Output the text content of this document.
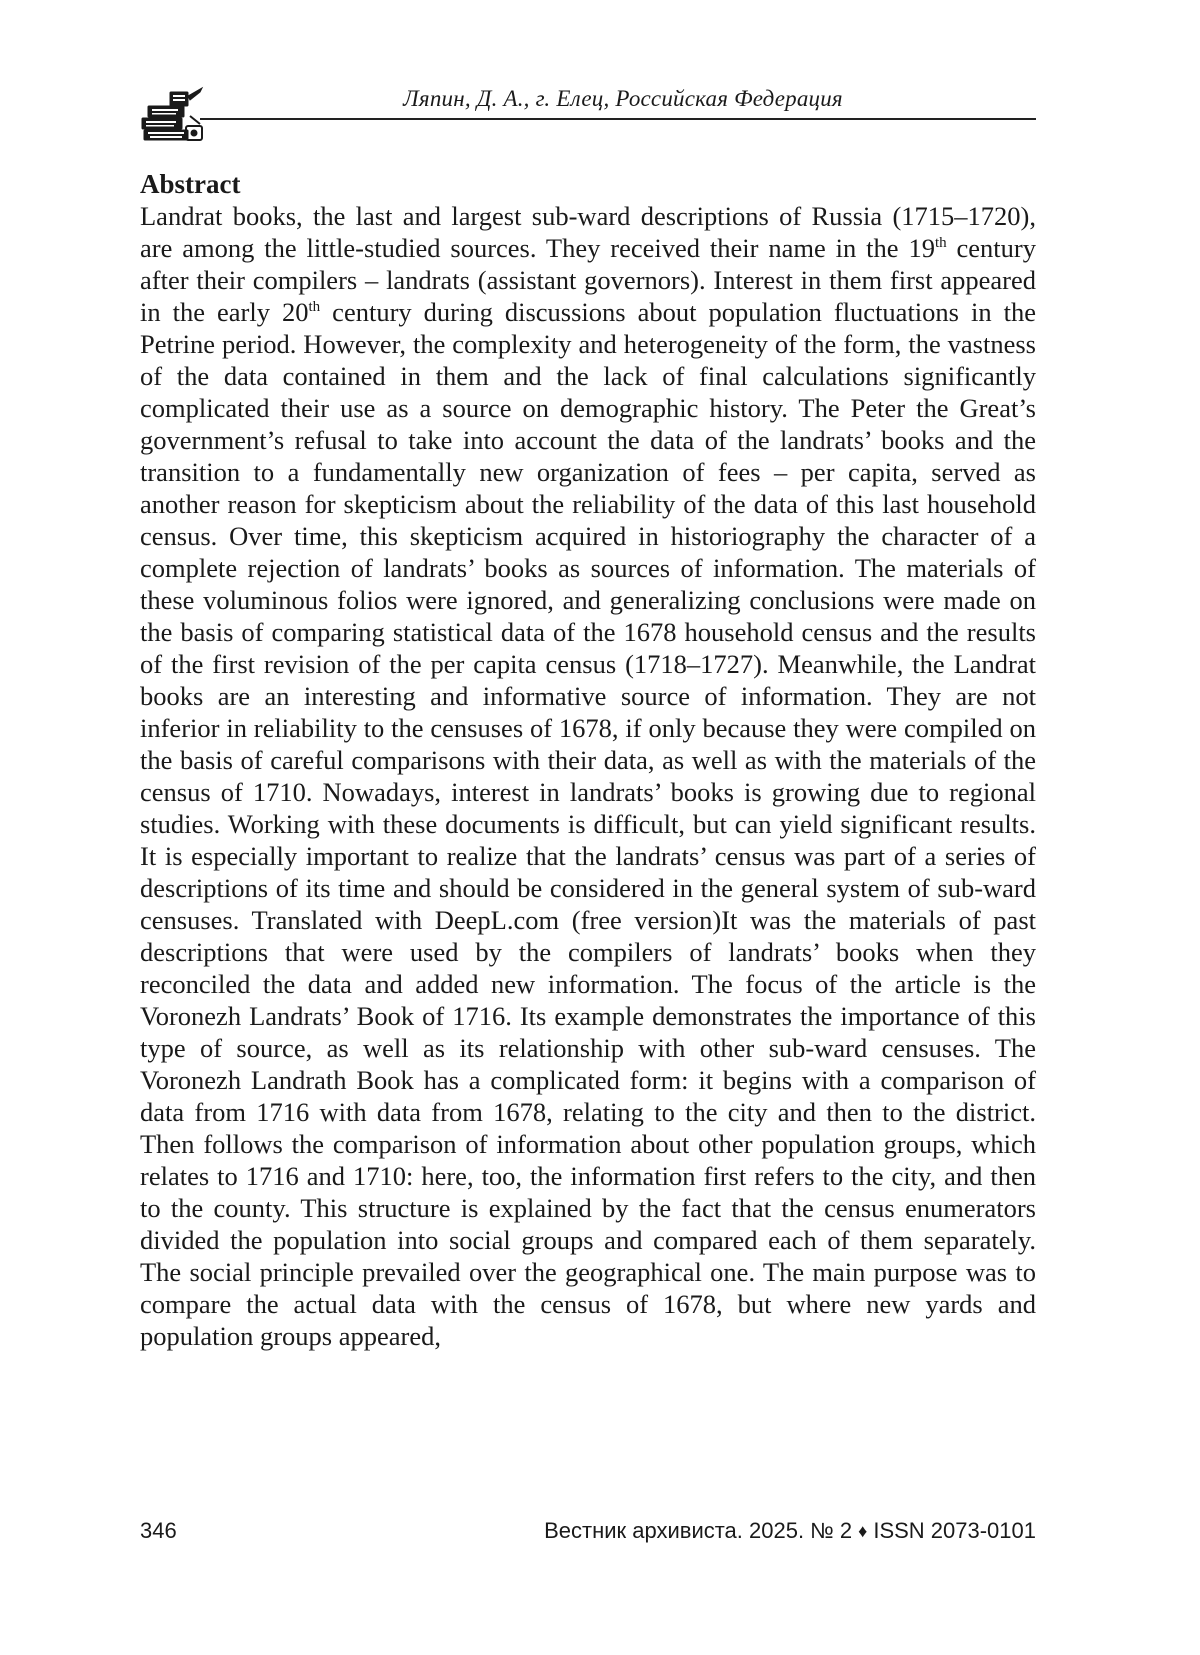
Ляпин, Д. А., г. Елец, Российская Федерация
Abstract

Landrat books, the last and largest sub-ward descriptions of Russia (1715–1720), are among the little-studied sources. They received their name in the 19th century after their compilers – landrats (assistant governors). Interest in them first appeared in the early 20th century during discussions about population fluctuations in the Petrine period. However, the complexity and heterogeneity of the form, the vastness of the data contained in them and the lack of final calculations significantly complicated their use as a source on demographic history. The Peter the Great’s government’s refusal to take into account the data of the landrats’ books and the transition to a fundamentally new organization of fees – per capita, served as another reason for skepticism about the reliability of the data of this last household census. Over time, this skepticism acquired in historiography the character of a complete rejection of landrats’ books as sources of information. The materials of these voluminous folios were ignored, and generalizing conclusions were made on the basis of comparing statistical data of the 1678 household census and the results of the first revision of the per capita census (1718–1727). Meanwhile, the Landrat books are an interesting and informative source of information. They are not inferior in reliability to the censuses of 1678, if only because they were compiled on the basis of careful comparisons with their data, as well as with the materials of the census of 1710. Nowadays, interest in landrats’ books is growing due to regional studies. Working with these documents is difficult, but can yield significant results. It is especially important to realize that the landrats’ census was part of a series of descriptions of its time and should be considered in the general system of sub-ward censuses. Translated with DeepL.com (free version)It was the materials of past descriptions that were used by the compilers of landrats’ books when they reconciled the data and added new information. The focus of the article is the Voronezh Landrats’ Book of 1716. Its example demonstrates the importance of this type of source, as well as its relationship with other sub-ward censuses. The Voronezh Landrath Book has a complicated form: it begins with a comparison of data from 1716 with data from 1678, relating to the city and then to the district. Then follows the comparison of information about other population groups, which relates to 1716 and 1710: here, too, the information first refers to the city, and then to the county. This structure is explained by the fact that the census enumerators divided the population into social groups and compared each of them separately. The social principle prevailed over the geographical one. The main purpose was to compare the actual data with the census of 1678, but where new yards and population groups appeared,

346	Вестник архивиста. 2025. № 2 ♦ ISSN 2073-0101
